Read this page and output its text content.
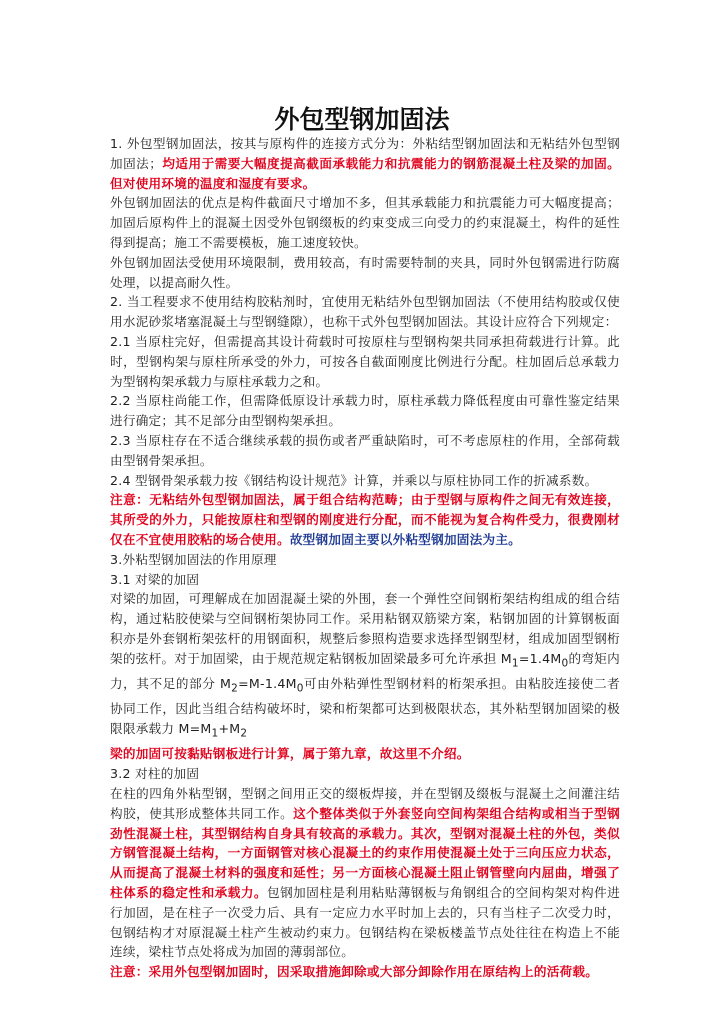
外包型钢加固法

1. 外包型钢加固法，按其与原构件的连接方式分为：外粘结型钢加固法和无粘结外包型钢加固法；均适用于需要大幅度提高截面承载能力和抗震能力的钢筋混凝土柱及梁的加固。但对使用环境的温度和湿度有要求。

外包钢加固法的优点是构件截面尺寸增加不多，但其承载能力和抗震能力可大幅度提高；加固后原构件上的混凝土因受外包钢缀板的约束变成三向受力的约束混凝土，构件的延性得到提高；施工不需要模板，施工速度较快。

外包钢加固法受使用环境限制，费用较高，有时需要特制的夹具，同时外包钢需进行防腐处理，以提高耐久性。

2. 当工程要求不使用结构胶粘剂时，宜使用无粘结外包型钢加固法（不使用结构胶或仅使用水泥砂浆堵塞混凝土与型钢缝隙），也称干式外包型钢加固法。其设计应符合下列规定：

2.1 当原柱完好，但需提高其设计荷载时可按原柱与型钢构架共同承担荷载进行计算。此时，型钢构架与原柱所承受的外力，可按各自截面刚度比例进行分配。柱加固后总承载力为型钢构架承载力与原柱承载力之和。

2.2 当原柱尚能工作，但需降低原设计承载力时，原柱承载力降低程度由可靠性鉴定结果进行确定；其不足部分由型钢构架承担。

2.3 当原柱存在不适合继续承载的损伤或者严重缺陷时，可不考虑原柱的作用，全部荷载由型钢骨架承担。

2.4 型钢骨架承载力按《钢结构设计规范》计算，并乘以与原柱协同工作的折减系数。

注意：无粘结外包型钢加固法，属于组合结构范畴；由于型钢与原构件之间无有效连接，其所受的外力，只能按原柱和型钢的刚度进行分配，而不能视为复合构件受力，很费刚材仅在不宜使用胶粘的场合使用。故型钢加固主要以外粘型钢加固法为主。

3.外粘型钢加固法的作用原理

3.1 对梁的加固

对梁的加固，可理解成在加固混凝土梁的外围，套一个弹性空间钢桁架结构组成的组合结构，通过粘胶使梁与空间钢桁架协同工作。采用粘钢双筋梁方案，粘钢加固的计算钢板面积亦是外套钢桁架弦杆的用钢面积，规整后参照构造要求选择型钢型材，组成加固型钢桁架的弦杆。对于加固梁，由于规范规定粘钢板加固梁最多可允许承担 $M_1=1.4M_0$的弯矩内力，其不足的部分 $M_2=M-1.4M_0$可由外粘弹性型钢材料的桁架承担。由粘胶连接使二者协同工作，因此当组合结构破坏时，梁和桁架都可达到极限状态，其外粘型钢加固梁的极限限承载力 $M=M_1+M_2$

梁的加固可按黏贴钢板进行计算，属于第九章，故这里不介绍。

3.2 对柱的加固

在柱的四角外粘型钢，型钢之间用正交的缀板焊接，并在型钢及缀板与混凝土之间灌注结构胶，使其形成整体共同工作。这个整体类似于外套竖向空间构架组合结构或相当于型钢劲性混凝土柱，其型钢结构自身具有较高的承载力。其次，型钢对混凝土柱的外包，类似方钢管混凝土结构，一方面钢管对核心混凝土的约束作用使混凝土处于三向压应力状态，从而提高了混凝土材料的强度和延性；另一方面核心混凝土阻止钢管壁向内屈曲，增强了柱体系的稳定性和承载力。包钢加固柱是利用粘贴薄钢板与角钢组合的空间构架对构件进行加固，是在柱子一次受力后、具有一定应力水平时加上去的，只有当柱子二次受力时，包钢结构才对原混凝土柱产生被动约束力。包钢结构在梁板楼盖节点处往往在构造上不能连续，梁柱节点处将成为加固的薄弱部位。

注意：采用外包型钢加固时，因采取措施卸除或大部分卸除作用在原结构上的活荷载。
